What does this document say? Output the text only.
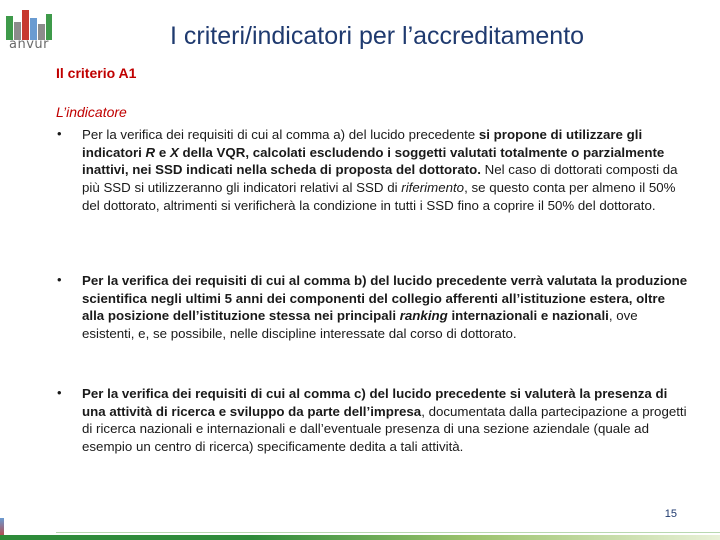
anvur	I criteri/indicatori per l’accreditamento
Il criterio A1
L’indicatore
• Per la verifica dei requisiti di cui al comma a) del lucido precedente si propone di utilizzare gli indicatori R e X della VQR, calcolati escludendo i soggetti valutati totalmente o parzialmente inattivi, nei SSD indicati nella scheda di proposta del dottorato. Nel caso di dottorati composti da più SSD si utilizzeranno gli indicatori relativi al SSD di riferimento, se questo conta per almeno il 50% del dottorato, altrimenti si verificherà la condizione in tutti i SSD fino a coprire il 50% del dottorato.
• Per la verifica dei requisiti di cui al comma b) del lucido precedente verrà valutata la produzione scientifica negli ultimi 5 anni dei componenti del collegio afferenti all’istituzione estera, oltre alla posizione dell’istituzione stessa nei principali ranking internazionali e nazionali, ove esistenti, e, se possibile, nelle discipline interessate dal corso di dottorato.
• Per la verifica dei requisiti di cui al comma c) del lucido precedente si valuterà la presenza di una attività di ricerca e sviluppo da parte dell’impresa, documentata dalla partecipazione a progetti di ricerca nazionali e internazionali e dall’eventuale presenza di una sezione aziendale (quale ad esempio un centro di ricerca) specificamente dedita a tali attività.
15
